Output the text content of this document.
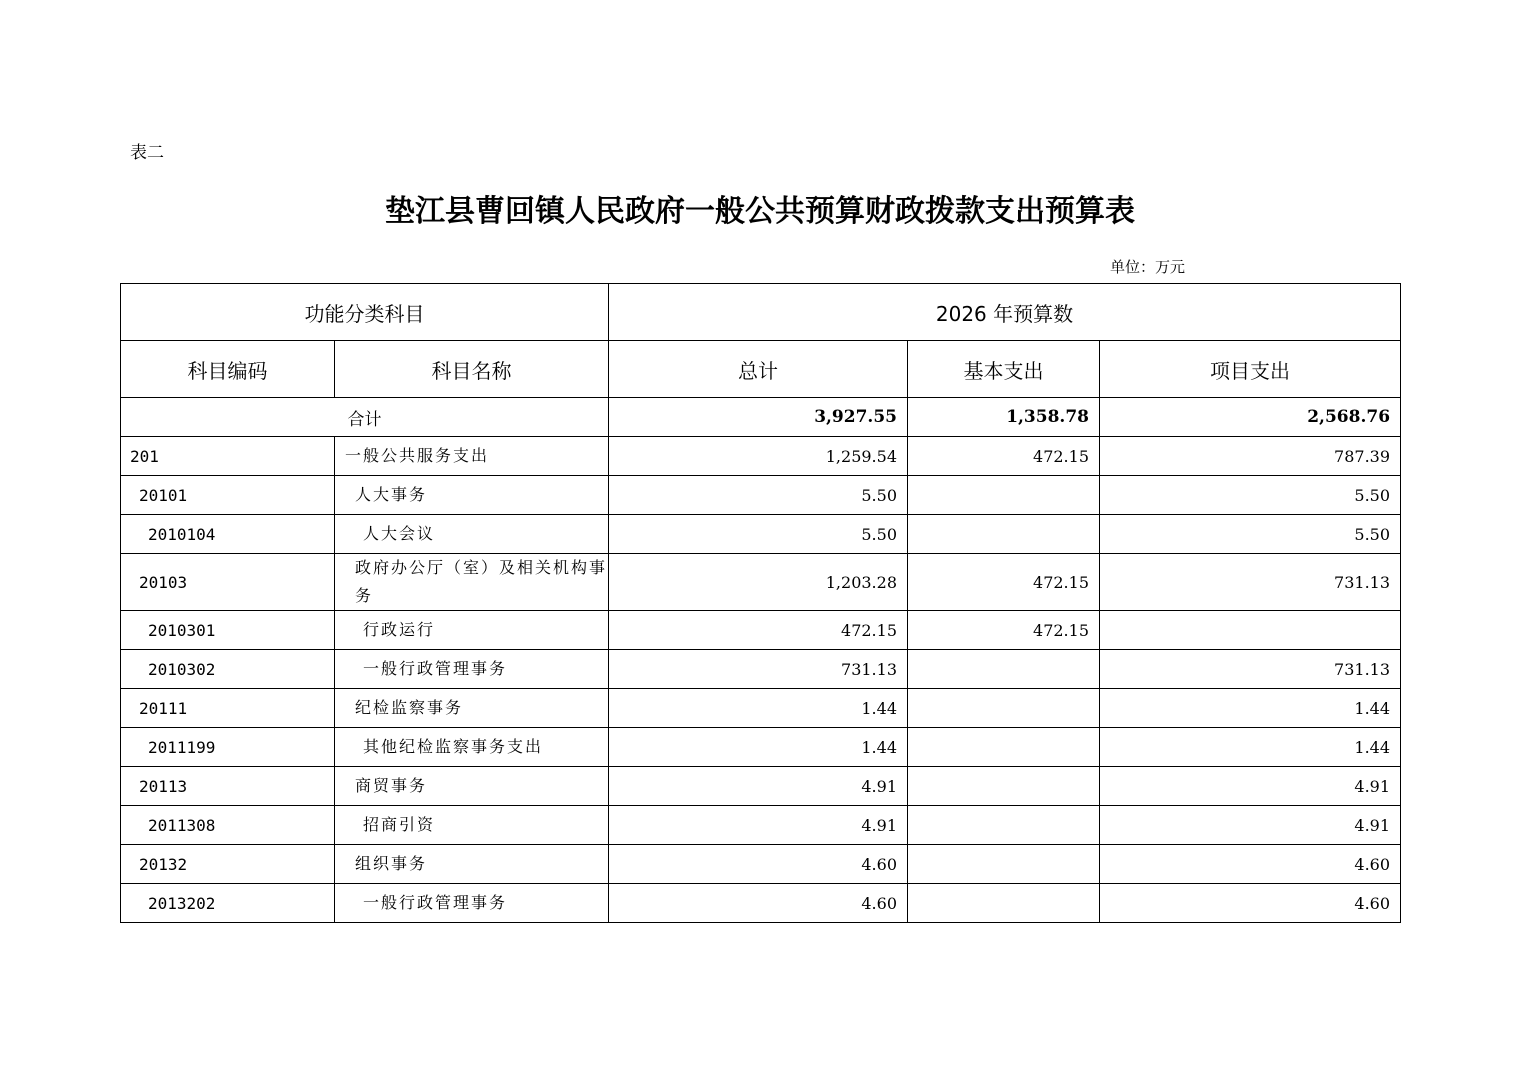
表二
垫江县曹回镇人民政府一般公共预算财政拨款支出预算表
单位：万元
功能分类科目		2026 年预算数		
科目编码	科目名称	总计	基本支出	项目支出
合计		3,927.55	1,358.78	2,568.76
201	一般公共服务支出	1,259.54	472.15	787.39
20101	人大事务	5.50		5.50
2010104	人大会议	5.50		5.50
20103	政府办公厅（室）及相关机构事务	1,203.28	472.15	731.13
2010301	行政运行	472.15	472.15	
2010302	一般行政管理事务	731.13		731.13
20111	纪检监察事务	1.44		1.44
2011199	其他纪检监察事务支出	1.44		1.44
20113	商贸事务	4.91		4.91
2011308	招商引资	4.91		4.91
20132	组织事务	4.60		4.60
2013202	一般行政管理事务	4.60		4.60
